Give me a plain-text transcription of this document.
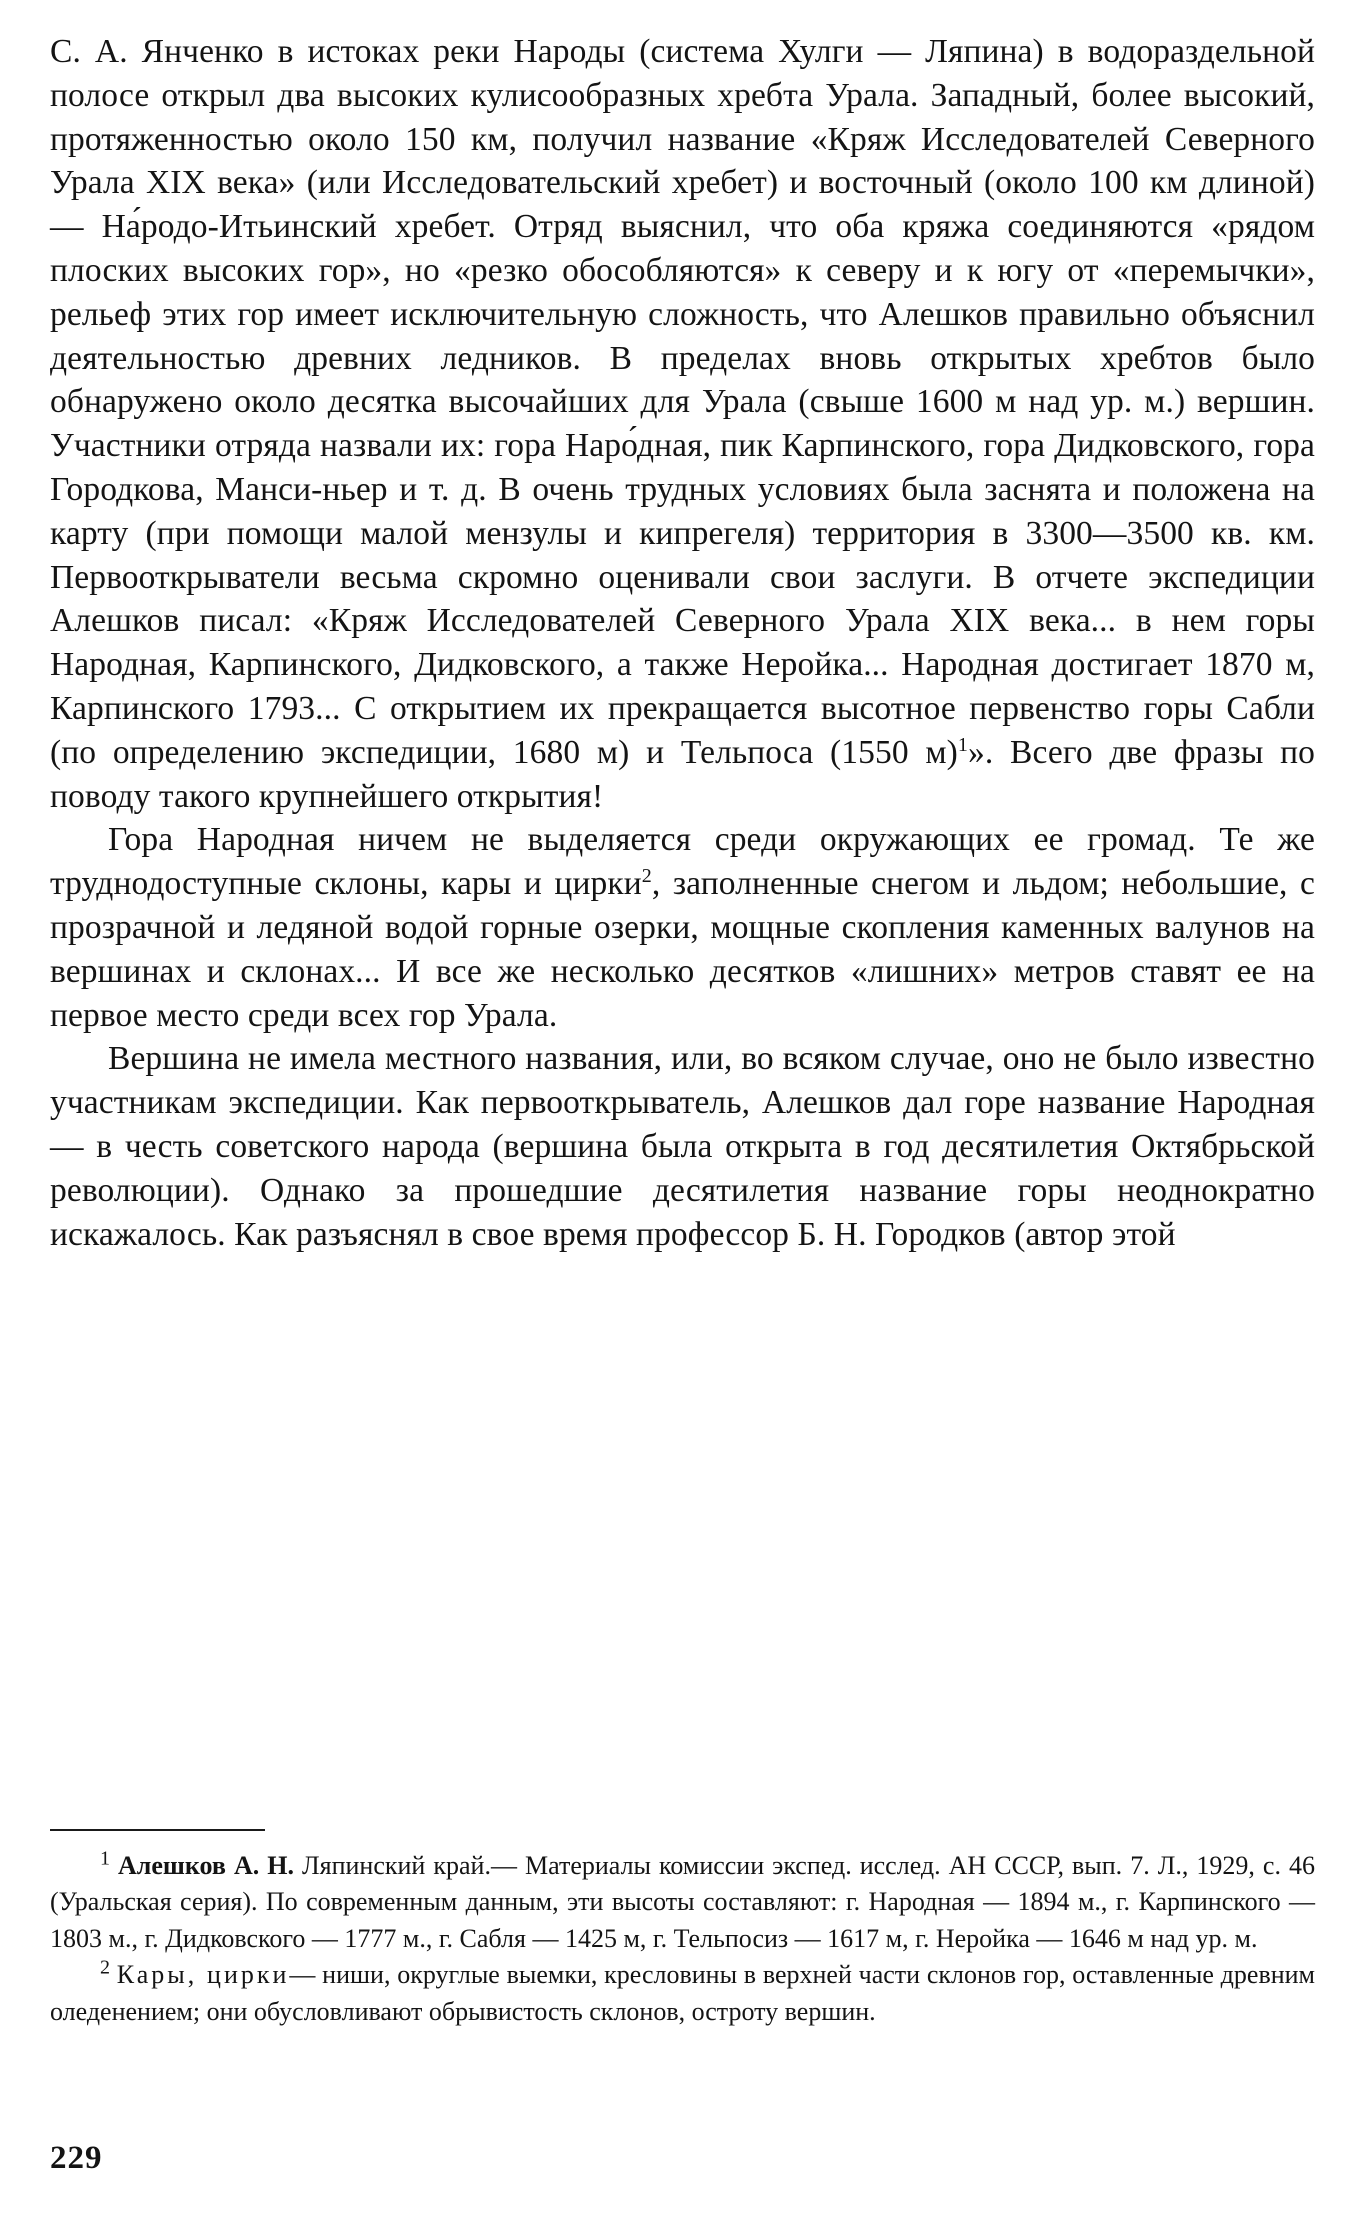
С. А. Янченко в истоках реки Народы (система Хулги — Ляпина) в водораздельной полосе открыл два высоких кулисообразных хребта Урала. Западный, более высокий, протяженностью около 150 км, получил название «Кряж Исследователей Северного Урала XIX века» (или Исследовательский хребет) и восточный (около 100 км длиной) — На́родо-Итьинский хребет. Отряд выяснил, что оба кряжа соединяются «рядом плоских высоких гор», но «резко обособляются» к северу и к югу от «перемычки», рельеф этих гор имеет исключительную сложность, что Алешков правильно объяснил деятельностью древних ледников. В пределах вновь открытых хребтов было обнаружено около десятка высочайших для Урала (свыше 1600 м над ур. м.) вершин. Участники отряда назвали их: гора Наро́дная, пик Карпинского, гора Дидковского, гора Городкова, Манси-ньер и т. д. В очень трудных условиях была заснята и положена на карту (при помощи малой мензулы и кипрегеля) территория в 3300—3500 кв. км. Первооткрыватели весьма скромно оценивали свои заслуги. В отчете экспедиции Алешков писал: «Кряж Исследователей Северного Урала XIX века... в нем горы Народная, Карпинского, Дидковского, а также Неройка... Народная достигает 1870 м, Карпинского 1793... С открытием их прекращается высотное первенство горы Сабли (по определению экспедиции, 1680 м) и Тельпоса (1550 м)$^1$». Всего две фразы по поводу такого крупнейшего открытия!

Гора Народная ничем не выделяется среди окружающих ее громад. Те же труднодоступные склоны, кары и цирки$^2$, заполненные снегом и льдом; небольшие, с прозрачной и ледяной водой горные озерки, мощные скопления каменных валунов на вершинах и склонах... И все же несколько десятков «лишних» метров ставят ее на первое место среди всех гор Урала.

Вершина не имела местного названия, или, во всяком случае, оно не было известно участникам экспедиции. Как первооткрыватель, Алешков дал горе название Народная — в честь советского народа (вершина была открыта в год десятилетия Октябрьской революции). Однако за прошедшие десятилетия название горы неоднократно искажалось. Как разъяснял в свое время профессор Б. Н. Городков (автор этой

$^1$ Алешков А. Н. Ляпинский край.— Материалы комиссии экспед. исслед. АН СССР, вып. 7. Л., 1929, с. 46 (Уральская серия). По современным данным, эти высоты составляют: г. Народная — 1894 м., г. Карпинского — 1803 м., г. Дидковского — 1777 м., г. Сабля — 1425 м, г. Тельпосиз — 1617 м, г. Неройка — 1646 м над ур. м.

$^2$ Кары, цирки— ниши, округлые выемки, кресловины в верхней части склонов гор, оставленные древним оледенением; они обусловливают обрывистость склонов, остроту вершин.

229
